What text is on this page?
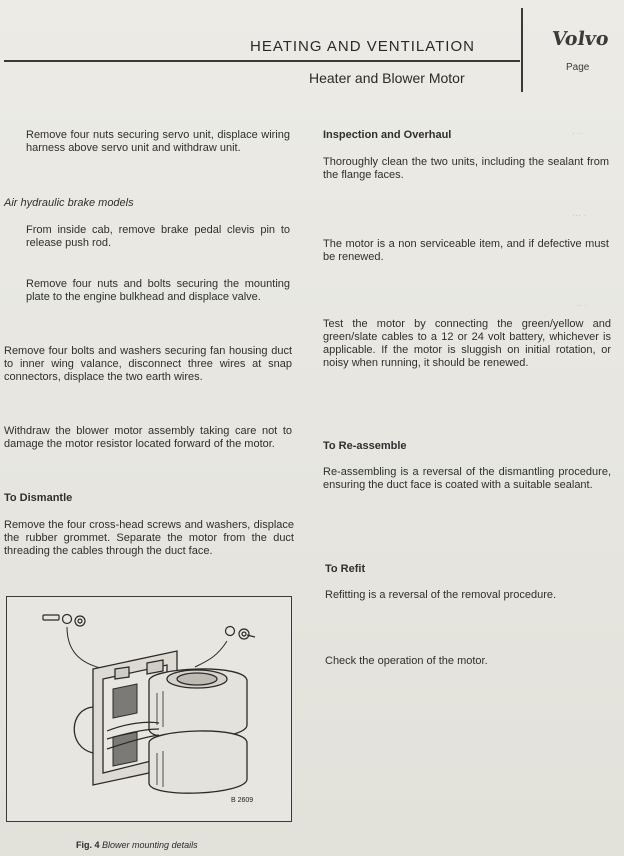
HEATING AND VENTILATION
Heater and Blower Motor
Volvo
Page
· ··
··· ·
·· ·
Remove four nuts securing servo unit, displace wiring harness above servo unit and withdraw unit.
Air hydraulic brake models
From inside cab, remove brake pedal clevis pin to release push rod.
Remove four nuts and bolts securing the mounting plate to the engine bulkhead and displace valve.
Remove four bolts and washers securing fan housing duct to inner wing valance, disconnect three wires at snap connectors, displace the two earth wires.
Withdraw the blower motor assembly taking care not to damage the motor resistor located forward of the motor.
To Dismantle
Remove the four cross-head screws and washers, displace the rubber grommet. Separate the motor from the duct threading the cables through the duct face.
Inspection and Overhaul
Thoroughly clean the two units, including the sealant from the flange faces.
The motor is a non serviceable item, and if defective must be renewed.
Test the motor by connecting the green/yellow and green/slate cables to a 12 or 24 volt battery, whichever is applicable. If the motor is sluggish on initial rotation, or noisy when running, it should be renewed.
To Re-assemble
Re-assembling is a reversal of the dismantling procedure, ensuring the duct face is coated with a suitable sealant.
To Refit
Refitting is a reversal of the removal procedure.
Check the operation of the motor.
B 2609
Fig. 4 Blower mounting details
